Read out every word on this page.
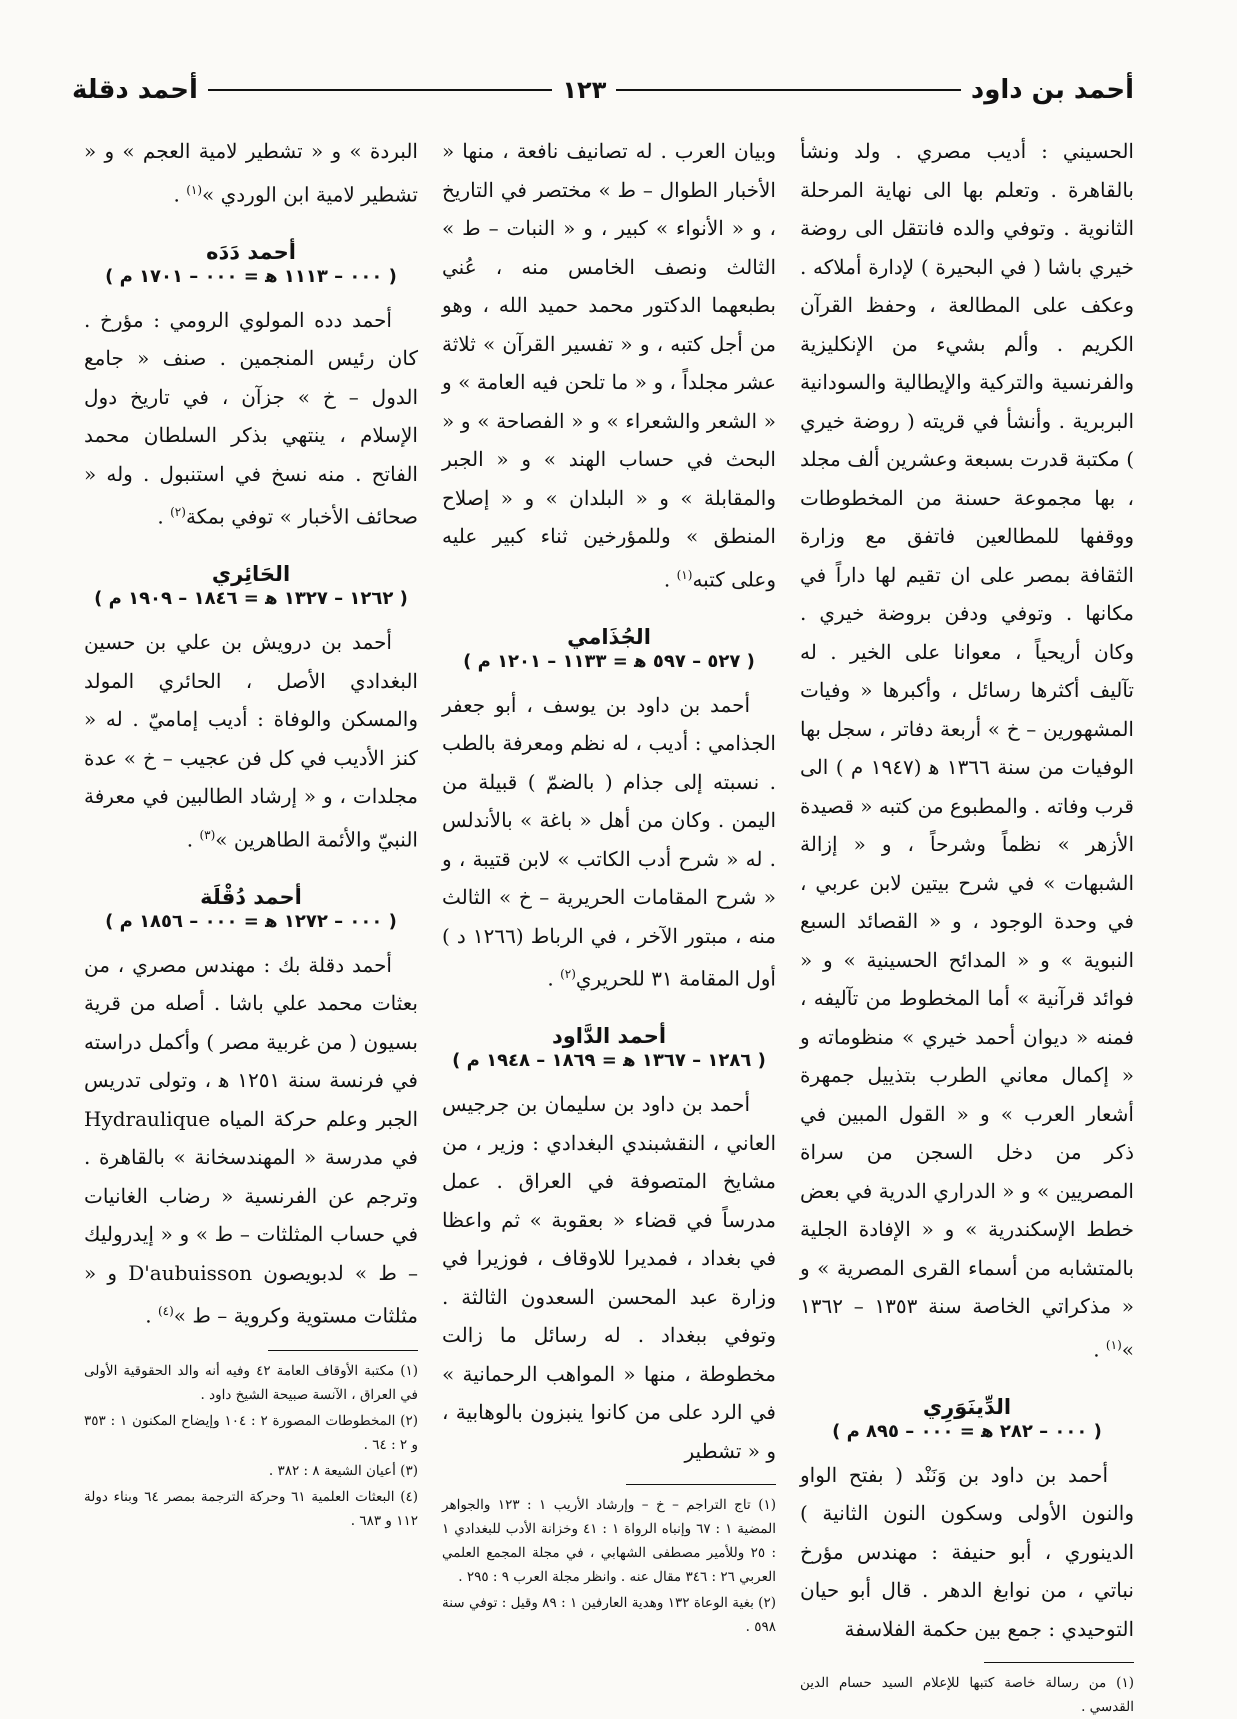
أحمد بن داود
١٢٣
أحمد دقلة

الحسيني : أديب مصري . ولد ونشأ بالقاهرة . وتعلم بها الى نهاية المرحلة الثانوية . وتوفي والده فانتقل الى روضة خيري باشا ( في البحيرة ) لإدارة أملاكه . وعكف على المطالعة ، وحفظ القرآن الكريم . وألم بشيء من الإنكليزية والفرنسية والتركية والإيطالية والسودانية البربرية . وأنشأ في قريته ( روضة خيري ) مكتبة قدرت بسبعة وعشرين ألف مجلد ، بها مجموعة حسنة من المخطوطات ووقفها للمطالعين فاتفق مع وزارة الثقافة بمصر على ان تقيم لها داراً في مكانها . وتوفي ودفن بروضة خيري . وكان أريحياً ، معوانا على الخير . له تآليف أكثرها رسائل ، وأكبرها « وفيات المشهورين – خ » أربعة دفاتر ، سجل بها الوفيات من سنة ١٣٦٦ ﻫ (١٩٤٧ م ) الى قرب وفاته . والمطبوع من كتبه « قصيدة الأزهر » نظماً وشرحاً ، و « إزالة الشبهات » في شرح بيتين لابن عربي ، في وحدة الوجود ، و « القصائد السبع النبوية » و « المدائح الحسينية » و « فوائد قرآنية » أما المخطوط من تآليفه ، فمنه « ديوان أحمد خيري » منظوماته و « إكمال معاني الطرب بتذييل جمهرة أشعار العرب » و « القول المبين في ذكر من دخل السجن من سراة المصريين » و « الدراري الدرية في بعض خطط الإسكندرية » و « الإفادة الجلية بالمتشابه من أسماء القرى المصرية » و « مذكراتي الخاصة سنة ١٣٥٣ – ١٣٦٢ »$^{(١)}$ .

الدِّينَوَرِي
( ٠٠٠ – ٢٨٢ ﻫ = ٠٠٠ – ٨٩٥ م )

أحمد بن داود بن وَنَنْد ( بفتح الواو والنون الأولى وسكون النون الثانية ) الدينوري ، أبو حنيفة : مهندس مؤرخ نباتي ، من نوابغ الدهر . قال أبو حيان التوحيدي : جمع بين حكمة الفلاسفة

(١) من رسالة خاصة كتبها للإعلام السيد حسام الدين القدسي .

وبيان العرب . له تصانيف نافعة ، منها « الأخبار الطوال – ط » مختصر في التاريخ ، و « الأنواء » كبير ، و « النبات – ط » الثالث ونصف الخامس منه ، عُني بطبعهما الدكتور محمد حميد الله ، وهو من أجل كتبه ، و « تفسير القرآن » ثلاثة عشر مجلداً ، و « ما تلحن فيه العامة » و « الشعر والشعراء » و « الفصاحة » و « البحث في حساب الهند » و « الجبر والمقابلة » و « البلدان » و « إصلاح المنطق » وللمؤرخين ثناء كبير عليه وعلى كتبه$^{(١)}$ .

الجُذَامي
( ٥٢٧ – ٥٩٧ ﻫ = ١١٣٣ – ١٢٠١ م )

أحمد بن داود بن يوسف ، أبو جعفر الجذامي : أديب ، له نظم ومعرفة بالطب . نسبته إلى جذام ( بالضمّ ) قبيلة من اليمن . وكان من أهل « باغة » بالأندلس . له « شرح أدب الكاتب » لابن قتيبة ، و « شرح المقامات الحريرية – خ » الثالث منه ، مبتور الآخر ، في الرباط (١٢٦٦ د ) أول المقامة ٣١ للحريري$^{(٢)}$ .

أحمد الدَّاود
( ١٢٨٦ – ١٣٦٧ ﻫ = ١٨٦٩ – ١٩٤٨ م )

أحمد بن داود بن سليمان بن جرجيس العاني ، النقشبندي البغدادي : وزير ، من مشايخ المتصوفة في العراق . عمل مدرساً في قضاء « بعقوبة » ثم واعظا في بغداد ، فمديرا للاوقاف ، فوزيرا في وزارة عبد المحسن السعدون الثالثة . وتوفي ببغداد . له رسائل ما زالت مخطوطة ، منها « المواهب الرحمانية » في الرد على من كانوا ينبزون بالوهابية ، و « تشطير

(١) تاج التراجم – خ – وإرشاد الأريب ١ : ١٢٣ والجواهر المضية ١ : ٦٧ وإنباه الرواة ١ : ٤١ وخزانة الأدب للبغدادي ١ : ٢٥ وللأمير مصطفى الشهابي ، في مجلة المجمع العلمي العربي ٢٦ : ٣٤٦ مقال عنه . وانظر مجلة العرب ٩ : ٢٩٥ .

(٢) بغية الوعاة ١٣٢ وهدية العارفين ١ : ٨٩ وقيل : توفي سنة ٥٩٨ .

البردة » و « تشطير لامية العجم » و « تشطير لامية ابن الوردي »$^{(١)}$ .

أحمد دَدَه
( ٠٠٠ – ١١١٣ ﻫ = ٠٠٠ – ١٧٠١ م )

أحمد دده المولوي الرومي : مؤرخ . كان رئيس المنجمين . صنف « جامع الدول – خ » جزآن ، في تاريخ دول الإسلام ، ينتهي بذكر السلطان محمد الفاتح . منه نسخ في استنبول . وله « صحائف الأخبار » توفي بمكة$^{(٢)}$ .

الحَائِري
( ١٢٦٢ – ١٣٢٧ ﻫ = ١٨٤٦ – ١٩٠٩ م )

أحمد بن درويش بن علي بن حسين البغدادي الأصل ، الحائري المولد والمسكن والوفاة : أديب إماميّ . له « كنز الأديب في كل فن عجيب – خ » عدة مجلدات ، و « إرشاد الطالبين في معرفة النبيّ والأئمة الطاهرين »$^{(٣)}$ .

أحمد دُقْلَة
( ٠٠٠ – ١٢٧٢ ﻫ = ٠٠٠ – ١٨٥٦ م )

أحمد دقلة بك : مهندس مصري ، من بعثات محمد علي باشا . أصله من قرية بسيون ( من غربية مصر ) وأكمل دراسته في فرنسة سنة ١٢٥١ ﻫ ، وتولى تدريس الجبر وعلم حركة المياه Hydraulique في مدرسة « المهندسخانة » بالقاهرة . وترجم عن الفرنسية « رضاب الغانيات في حساب المثلثات – ط » و « إيدروليك – ط » لدبويصون D'aubuisson و « مثلثات مستوية وكروية – ط »$^{(٤)}$ .

(١) مكتبة الأوقاف العامة ٤٢ وفيه أنه والد الحقوقية الأولى في العراق ، الآنسة صبيحة الشيخ داود .

(٢) المخطوطات المصورة ٢ : ١٠٤ وإيضاح المكنون ١ : ٣٥٣ و ٢ : ٦٤ .

(٣) أعيان الشيعة ٨ : ٣٨٢ .

(٤) البعثات العلمية ٦١ وحركة الترجمة بمصر ٦٤ وبناء دولة ١١٢ و ٦٨٣ .
